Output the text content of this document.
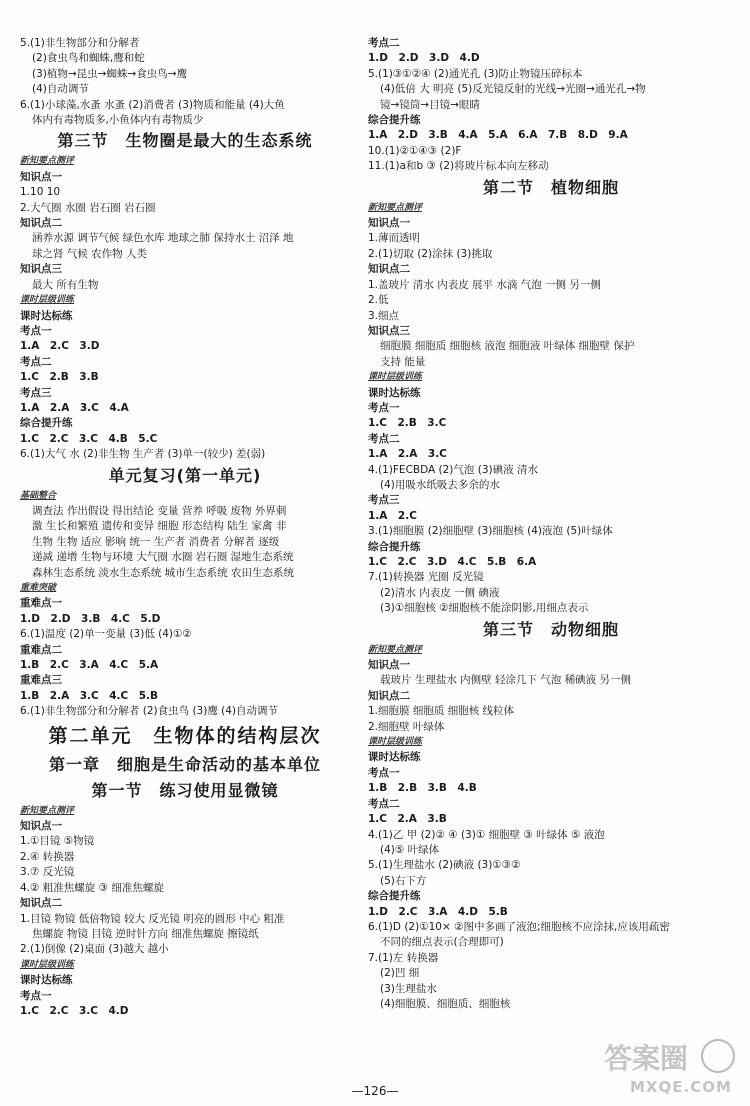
5.(1)非生物部分和分解者
(2)食虫鸟和蜘蛛,鹰和蛇
(3)植物→昆虫→蜘蛛→食虫鸟→鹰
(4)自动调节
6.(1)小球藻,水蚤 水蚤 (2)消费者 (3)物质和能量 (4)大鱼
体内有毒物质多,小鱼体内有毒物质少
第三节　生物圈是最大的生态系统
新知要点测评
知识点一
1.10 10
2.大气圈 水圈 岩石圈 岩石圈
知识点二
涵养水源 调节气候 绿色水库 地球之肺 保持水土 沼泽 地
球之肾 气候 农作物 人类
知识点三
最大 所有生物
课时层级训练
课时达标练
考点一
1.A　2.C　3.D
考点二
1.C　2.B　3.B
考点三
1.A　2.A　3.C　4.A
综合提升练
1.C　2.C　3.C　4.B　5.C
6.(1)大气 水 (2)非生物 生产者 (3)单一(较少) 差(弱)
单元复习(第一单元)
基础整合
调查法 作出假设 得出结论 变量 营养 呼吸 废物 外界刺
激 生长和繁殖 遗传和变异 细胞 形态结构 陆生 家禽 非
生物 生物 适应 影响 统一 生产者 消费者 分解者 逐级
递减 递增 生物与环境 大气圈 水圈 岩石圈 湿地生态系统
森林生态系统 淡水生态系统 城市生态系统 农田生态系统
重难突破
重难点一
1.D　2.D　3.B　4.C　5.D
6.(1)温度 (2)单一变量 (3)低 (4)①②
重难点二
1.B　2.C　3.A　4.C　5.A
重难点三
1.B　2.A　3.C　4.C　5.B
6.(1)非生物部分和分解者 (2)食虫鸟 (3)鹰 (4)自动调节
第二单元　生物体的结构层次
第一章　细胞是生命活动的基本单位
第一节　练习使用显微镜
新知要点测评
知识点一
1.①目镜 ⑤物镜
2.④ 转换器
3.⑦ 反光镜
4.② 粗准焦螺旋 ③ 细准焦螺旋
知识点二
1.目镜 物镜 低倍物镜 较大 反光镜 明亮的圆形 中心 粗准
焦螺旋 物镜 目镜 逆时针方向 细准焦螺旋 擦镜纸
2.(1)倒像 (2)桌面 (3)越大 越小
课时层级训练
课时达标练
考点一
1.C　2.C　3.C　4.D
考点二
1.D　2.D　3.D　4.D
5.(1)③①②④ (2)通光孔 (3)防止物镜压碎标本
(4)低倍 大 明亮 (5)反光镜反射的光线→光圈→通光孔→物
镜→镜筒→目镜→眼睛
综合提升练
1.A　2.D　3.B　4.A　5.A　6.A　7.B　8.D　9.A
10.(1)②①④③ (2)F
11.(1)a和b ③ (2)将玻片标本向左移动
第二节　植物细胞
新知要点测评
知识点一
1.薄而透明
2.(1)切取 (2)涂抹 (3)挑取
知识点二
1.盖玻片 清水 内表皮 展平 水滴 气泡 一侧 另一侧
2.低
3.细点
知识点三
细胞膜 细胞质 细胞核 液泡 细胞液 叶绿体 细胞壁 保护
支持 能量
课时层级训练
课时达标练
考点一
1.C　2.B　3.C
考点二
1.A　2.A　3.C
4.(1)FECBDA (2)气泡 (3)碘液 清水
(4)用吸水纸吸去多余的水
考点三
1.A　2.C
3.(1)细胞膜 (2)细胞壁 (3)细胞核 (4)液泡 (5)叶绿体
综合提升练
1.C　2.C　3.D　4.C　5.B　6.A
7.(1)转换器 光圈 反光镜
(2)清水 内表皮 一侧 碘液
(3)①细胞核 ②细胞核不能涂阴影,用细点表示
第三节　动物细胞
新知要点测评
知识点一
载玻片 生理盐水 内侧壁 轻涂几下 气泡 稀碘液 另一侧
知识点二
1.细胞膜 细胞质 细胞核 线粒体
2.细胞壁 叶绿体
课时层级训练
课时达标练
考点一
1.B　2.B　3.B　4.B
考点二
1.C　2.A　3.B
4.(1)乙 甲 (2)② ④ (3)① 细胞壁 ③ 叶绿体 ⑤ 液泡
(4)⑤ 叶绿体
5.(1)生理盐水 (2)碘液 (3)①③②
(5)右下方
综合提升练
1.D　2.C　3.A　4.D　5.B
6.(1)D (2)①10× ②图中多画了液泡;细胞核不应涂抹,应该用疏密
不同的细点表示(合理即可)
7.(1)左 转换器
(2)凹 细
(3)生理盐水
(4)细胞膜、细胞质、细胞核
—126—
答案圈
MXQE.COM
